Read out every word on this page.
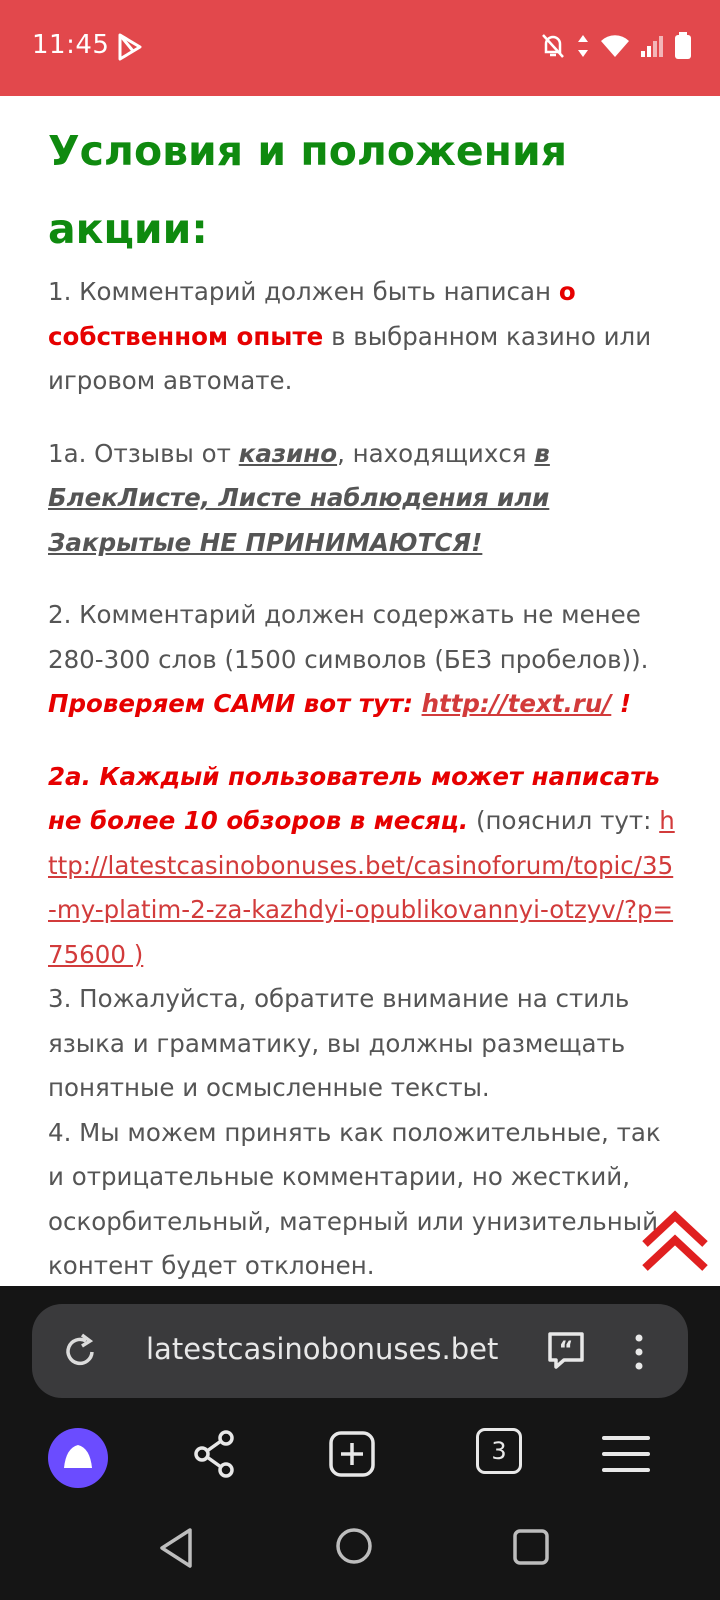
11:45
Условия и положения акции:

1. Комментарий должен быть написан о собственном опыте в выбранном казино или игровом автомате.

1а. Отзывы от казино, находящихся в БлекЛисте, Листе наблюдения или Закрытые НЕ ПРИНИМАЮТСЯ!

2. Комментарий должен содержать не менее 280-300 слов (1500 символов (БЕЗ пробелов)).
Проверяем САМИ вот тут: http://text.ru/ !

2а. Каждый пользователь может написать не более 10 обзоров в месяц. (пояснил тут: http://latestcasinobonuses.bet/casinoforum/topic/35-my-platim-2-za-kazhdyi-opublikovannyi-otzyv/?p=75600 )

3. Пожалуйста, обратите внимание на стиль языка и грамматику, вы должны размещать понятные и осмысленные тексты.

4. Мы можем принять как положительные, так и отрицательные комментарии, но жесткий, оскорбительный, матерный или унизительный контент будет отклонен.

latestcasinobonuses.bet	“
3
